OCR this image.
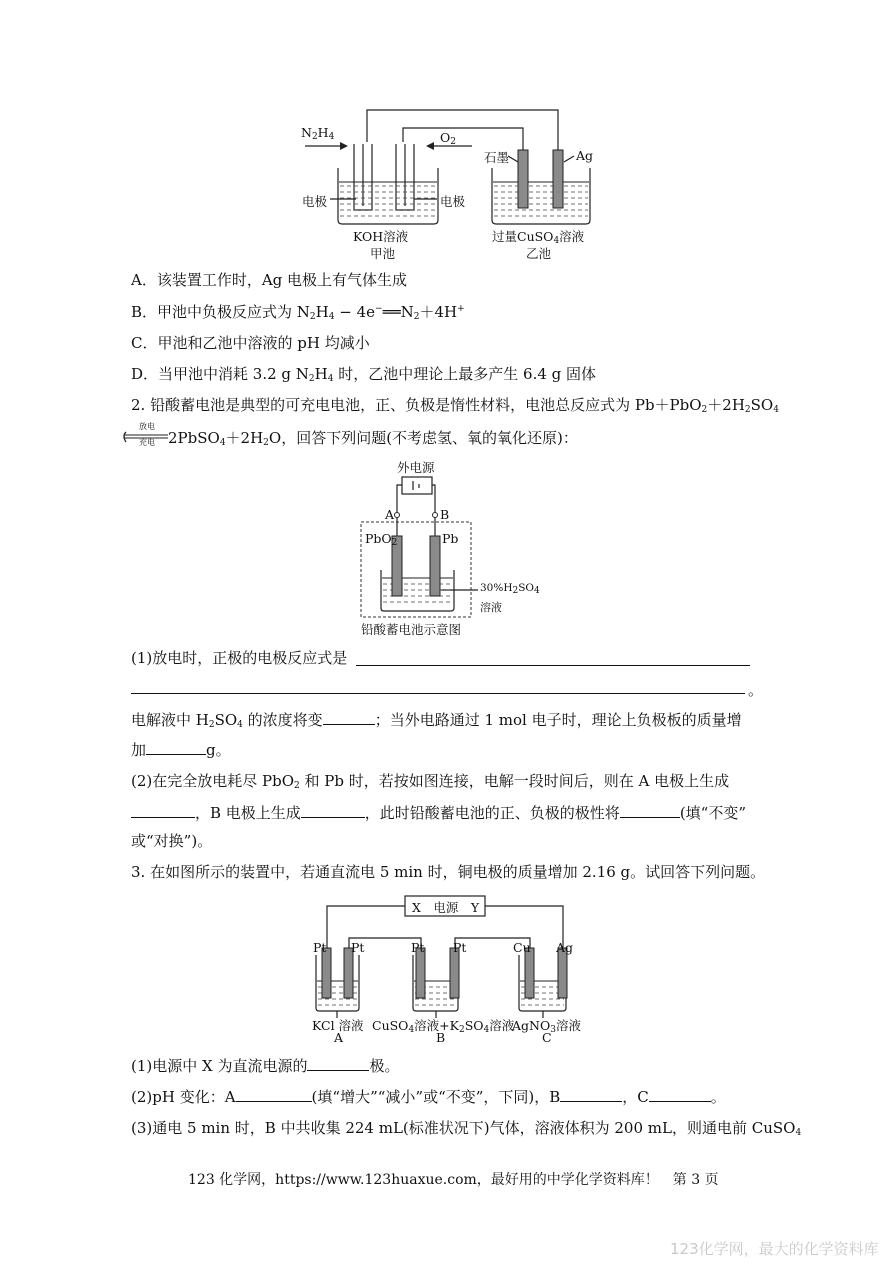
$N_2H_4$	$O_2$
电极	电极
石墨	Ag
KOH溶液
甲池
过量CuSO$_4$溶液
乙池
A．该装置工作时，Ag 电极上有气体生成
B．甲池中负极反应式为 $N_2H_4$ − $4e^-══N_2+4H^+$
C．甲池和乙池中溶液的 pH 均减小
D．当甲池中消耗 3.2 g $N_2H_4$ 时，乙池中理论上最多产生 6.4 g 固体
2. 铅酸蓄电池是典型的可充电电池，正、负极是惰性材料，电池总反应式为 $Pb+PbO_2+2H_2SO_4$
放电
充电 $2PbSO_4+2H_2O$，回答下列问题(不考虑氢、氧的氧化还原)：
外电源
A	B
PbO$_2$	Pb
$30\%H_2SO_4$
溶液
铅酸蓄电池示意图
(1)放电时，正极的电极反应式是
。
电解液中 $H_2SO_4$ 的浓度将变	；当外电路通过 1 mol 电子时，理论上负极板的质量增
加	g。
(2)在完全放电耗尽 PbO$_2$ 和 Pb 时，若按如图连接，电解一段时间后，则在 A 电极上生成
，B 电极上生成	，此时铅酸蓄电池的正、负极的极性将	(填“不变”
或“对换”)。
3. 在如图所示的装置中，若通直流电 5 min 时，铜电极的质量增加 2.16 g。试回答下列问题。
X　电源　Y
Pt Pt	Pt Pt	Cu Ag
KCl 溶液 CuSO$_4$溶液$+K_2SO_4$溶液
AgNO$_3$溶液
A	B	C
(1)电源中 X 为直流电源的	极。
(2)pH 变化：A	(填“增大”“减小”或“不变”，下同)，B	，C	。
(3)通电 5 min 时，B 中共收集 224 mL(标准状况下)气体，溶液体积为 200 mL，则通电前 CuSO$_4$
123 化学网，https://www.123huaxue.com，最好用的中学化学资料库！　第 3 页
123化学网，最大的化学资料库
